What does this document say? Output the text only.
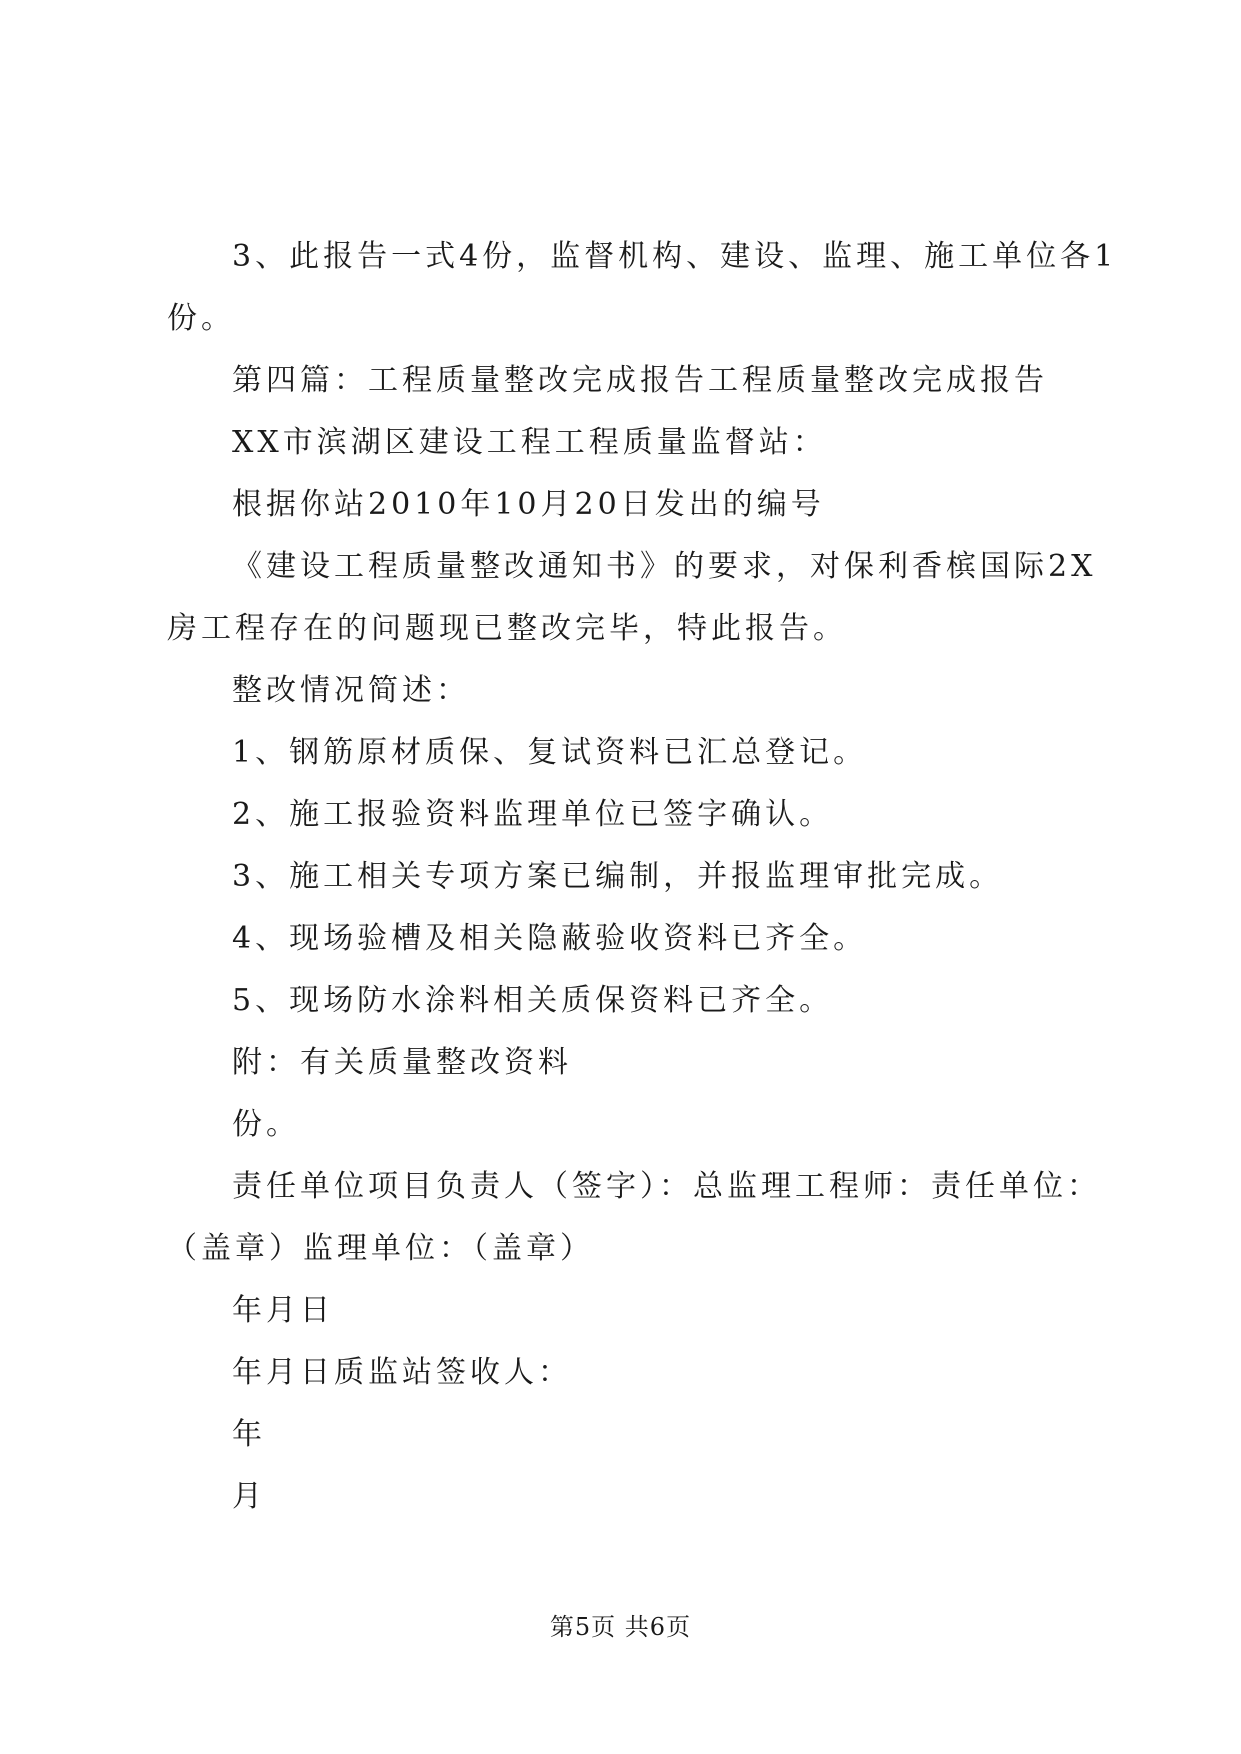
3、此报告一式4份，监督机构、建设、监理、施工单位各1
份。
第四篇：工程质量整改完成报告工程质量整改完成报告
XX市滨湖区建设工程工程质量监督站：
根据你站2010年10月20日发出的编号
《建设工程质量整改通知书》的要求，对保利香槟国际2X
房工程存在的问题现已整改完毕，特此报告。
整改情况简述：
1、钢筋原材质保、复试资料已汇总登记。
2、施工报验资料监理单位已签字确认。
3、施工相关专项方案已编制，并报监理审批完成。
4、现场验槽及相关隐蔽验收资料已齐全。
5、现场防水涂料相关质保资料已齐全。
附：有关质量整改资料
份。
责任单位项目负责人（签字）：总监理工程师：责任单位：
（盖章）监理单位：（盖章）
年月日
年月日质监站签收人：
年
月
第5页 共6页
